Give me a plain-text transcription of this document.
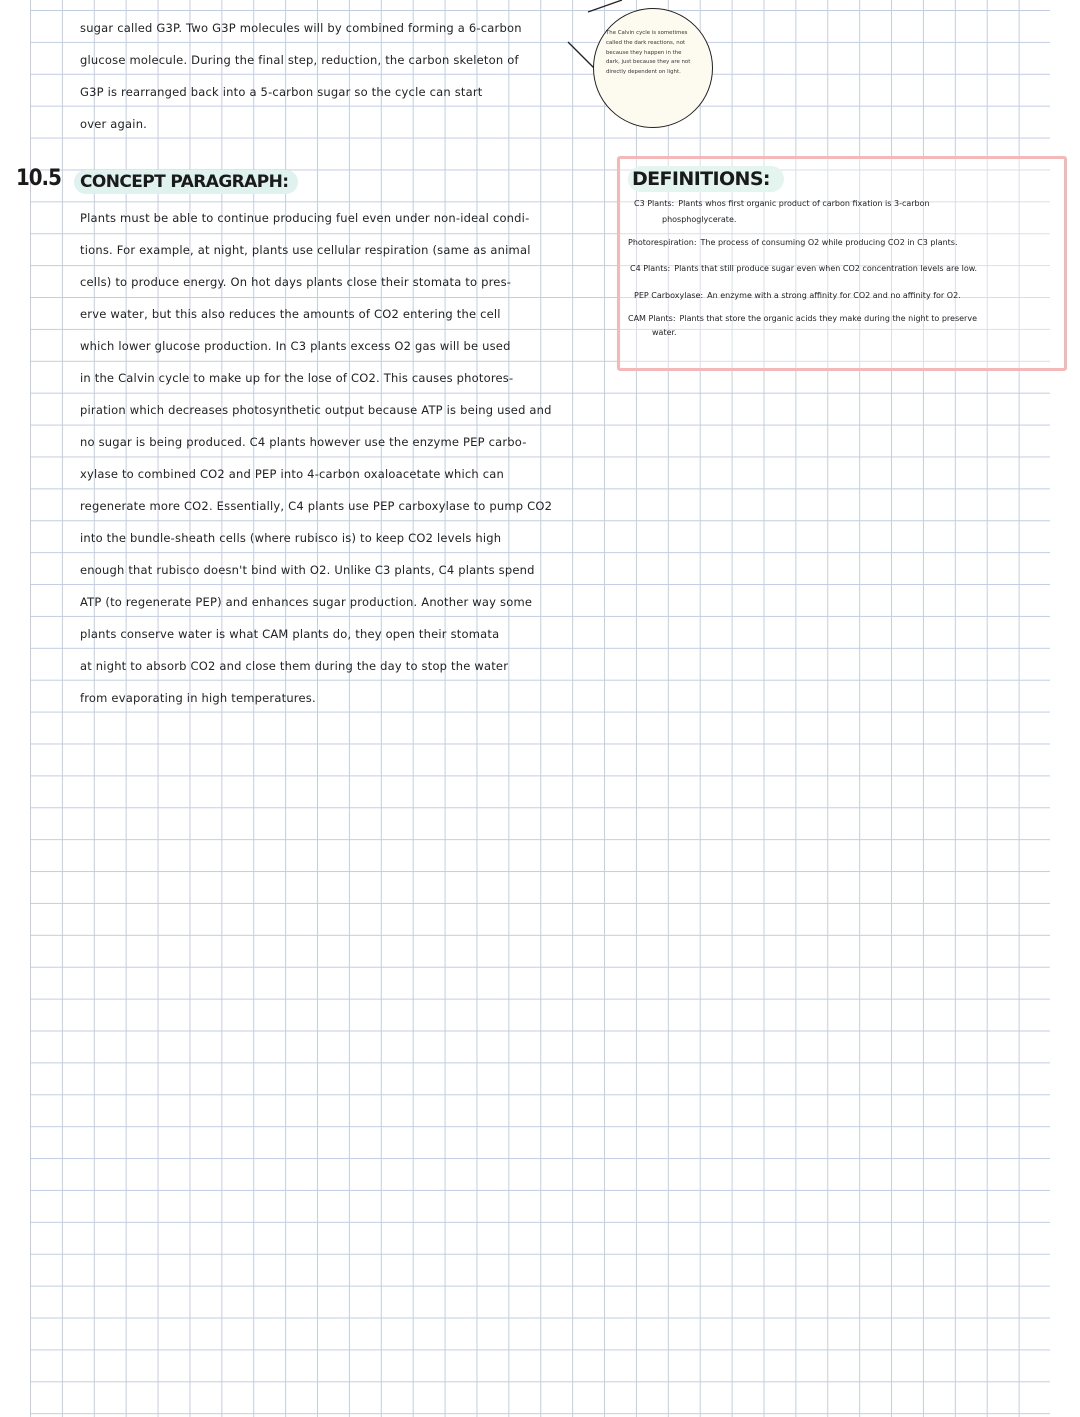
sugar called G3P. Two G3P molecules will by combined forming a 6-carbon
glucose molecule. During the final step, reduction, the carbon skeleton of
G3P is rearranged back into a 5-carbon sugar so the cycle can start
over again.
The Calvin cycle is sometimes
called the dark reactions, not
because they happen in the
dark, just because they are not
directly dependent on light.
10.5	CONCEPT PARAGRAPH:
Plants must be able to continue producing fuel even under non-ideal condi-
tions. For example, at night, plants use cellular respiration (same as animal
cells) to produce energy. On hot days plants close their stomata to pres-
erve water, but this also reduces the amounts of CO2 entering the cell
which lower glucose production. In C3 plants excess O2 gas will be used
in the Calvin cycle to make up for the lose of CO2. This causes photores-
piration which decreases photosynthetic output because ATP is being used and
no sugar is being produced. C4 plants however use the enzyme PEP carbo-
xylase to combined CO2 and PEP into 4-carbon oxaloacetate which can
regenerate more CO2. Essentially, C4 plants use PEP carboxylase to pump CO2
into the bundle-sheath cells (where rubisco is) to keep CO2 levels high
enough that rubisco doesn't bind with O2. Unlike C3 plants, C4 plants spend
ATP (to regenerate PEP) and enhances sugar production. Another way some
plants conserve water is what CAM plants do, they open their stomata
at night to absorb CO2 and close them during the day to stop the water
from evaporating in high temperatures.
DEFINITIONS:
C3 Plants: Plants whos first organic product of carbon fixation is 3-carbon
phosphoglycerate.
Photorespiration: The process of consuming O2 while producing CO2 in C3 plants.
C4 Plants: Plants that still produce sugar even when CO2 concentration levels are low.
PEP Carboxylase: An enzyme with a strong affinity for CO2 and no affinity for O2.
CAM Plants: Plants that store the organic acids they make during the night to preserve
water.
